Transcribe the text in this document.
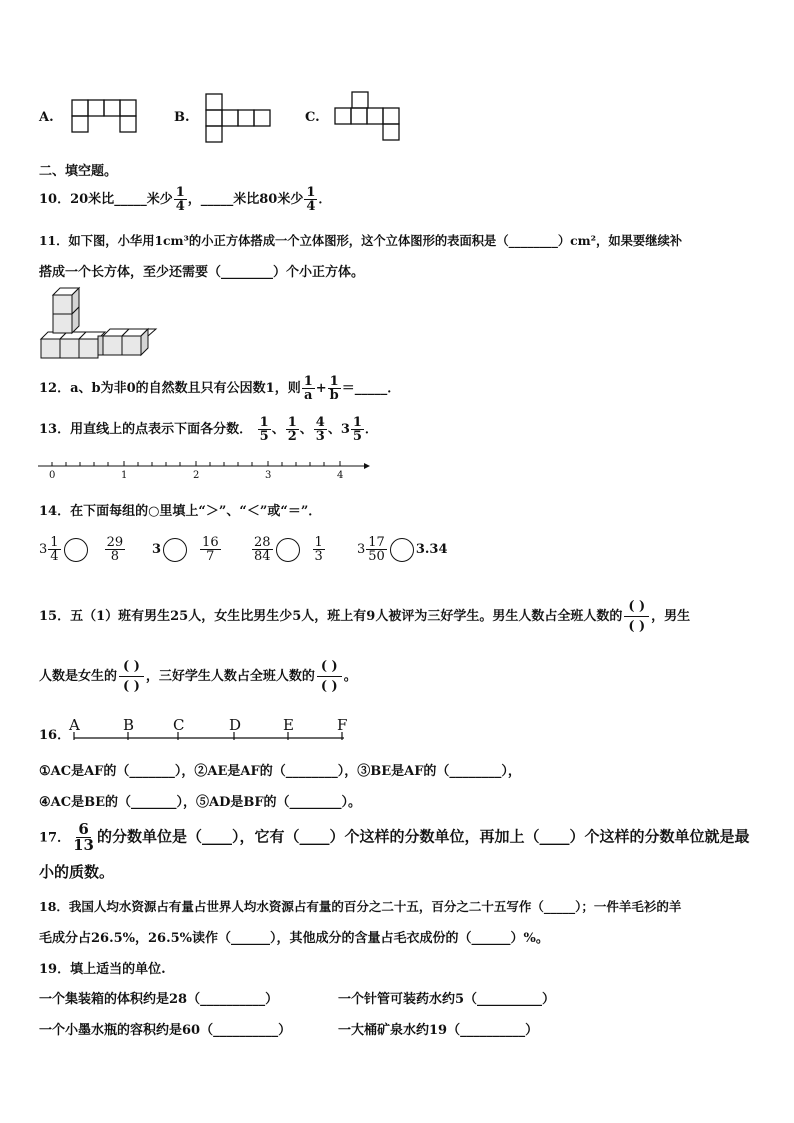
A.	B.	C.
二、填空题。
10．20米比_____米少 $\frac{1}{4}$ ，_____米比80米少 $\frac{1}{4}$ ．
11．如下图，小华用1cm³的小正方体搭成一个立体图形，这个立体图形的表面积是（________）cm²，如果要继续补
搭成一个长方体，至少还需要（________）个小正方体。
12．a、b为非0的自然数且只有公因数1，则 $\frac{1}{a} + \frac{1}{b}$ ＝_____．
13．用直线上的点表示下面各分数． $\frac{1}{5}$ 、 $\frac{1}{2}$ 、 $\frac{4}{3}$ 、$3 \frac{1}{5}$ ．
0	1	2	3	4
14．在下面每组的○里填上“＞”、“＜”或“＝”．
$3 \frac{1}{4}$	$\frac{29}{8} 3$	$\frac{16}{7} \frac{28}{84}$	$\frac{1}{3} 3 \frac{17}{50} 3.34$
15．五（1）班有男生25人，女生比男生少5人，班上有9人被评为三好学生。男生人数占全班人数的
( )
( )
，男生
人数是女生的
( )
( )
，三好学生人数占全班人数的
( )
( )
。
16．
A	B	C	D	E	F
①AC是AF的（_______），②AE是AF的（________），③BE是AF的（________），
④AC是BE的（_______），⑤AD是BF的（________）。
17． $\frac{6}{13}$ 的分数单位是（____），它有（____）个这样的分数单位，再加上（____）个这样的分数单位就是最
小的质数。
18．我国人均水资源占有量占世界人均水资源占有量的百分之二十五，百分之二十五写作（_____）；一件羊毛衫的羊
毛成分占26.5%，26.5%读作（______），其他成分的含量占毛衣成份的（______）%。
19．填上适当的单位.
一个集装箱的体积约是28（__________）	一个针管可装药水约5（__________）
一个小墨水瓶的容积约是60（__________）	一大桶矿泉水约19（__________）
